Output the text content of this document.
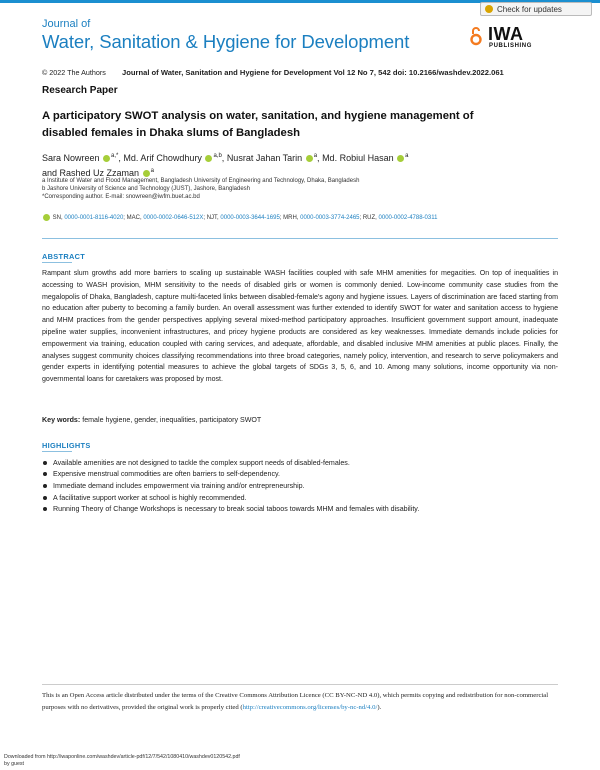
Journal of
Water, Sanitation & Hygiene for Development
Check for updates
IWA
PUBLISHING
© 2022 The Authors	Journal of Water, Sanitation and Hygiene for Development Vol 12 No 7, 542 doi: 10.2166/washdev.2022.061
Research Paper
A participatory SWOT analysis on water, sanitation, and hygiene management of disabled females in Dhaka slums of Bangladesh
Sara Nowreen $^{a,*}$, Md. Arif Chowdhury $^{a,b}$, Nusrat Jahan Tarin $^a$, Md. Robiul Hasan $^a$
and Rashed Uz Zzaman $^a$
a Institute of Water and Flood Management, Bangladesh University of Engineering and Technology, Dhaka, Bangladesh
b Jashore University of Science and Technology (JUST), Jashore, Bangladesh
*Corresponding author. E-mail: snowreen@iwfm.buet.ac.bd
SN, 0000-0001-8116-4020; MAC, 0000-0002-0646-512X; NJT, 0000-0003-3644-1695; MRH, 0000-0003-3774-2465; RUZ, 0000-0002-4788-0311
ABSTRACT
Rampant slum growths add more barriers to scaling up sustainable WASH facilities coupled with safe MHM amenities for megacities. On top of inequalities in accessing to WASH provision, MHM sensitivity to the needs of disabled girls or women is commonly denied. Low-income community case studies from the megalopolis of Dhaka, Bangladesh, capture multi-faceted links between disabled-female's agony and hygiene issues. Layers of discrimination are faced starting from no education after puberty to becoming a family burden. An overall assessment was further extended to identify SWOT for water and sanitation access to hygiene and MHM practices from the gender perspectives applying several mixed-method participatory approaches. Insufficient government support amount, inadequate pipeline water supplies, inconvenient infrastructures, and pricey hygiene products are considered as key weaknesses. Immediate demands include policies for empowerment via training, education coupled with caring services, and adequate, affordable, and disabled inclusive MHM amenities at public places. Finally, the analyses suggest community choices classifying recommendations into three broad categories, namely policy, intervention, and research to serve policymakers and gender experts in identifying potential measures to achieve the global targets of SDGs 3, 5, 6, and 10. Among many solutions, income opportunity via non-governmental loans for caretakers was proposed by most.
Key words: female hygiene, gender, inequalities, participatory SWOT
HIGHLIGHTS
Available amenities are not designed to tackle the complex support needs of disabled-females.
Expensive menstrual commodities are often barriers to self-dependency.
Immediate demand includes empowerment via training and/or entrepreneurship.
A facilitative support worker at school is highly recommended.
Running Theory of Change Workshops is necessary to break social taboos towards MHM and females with disability.
This is an Open Access article distributed under the terms of the Creative Commons Attribution Licence (CC BY-NC-ND 4.0), which permits copying and redistribution for non-commercial purposes with no derivatives, provided the original work is properly cited (http://creativecommons.org/licenses/by-nc-nd/4.0/).
Downloaded from http://iwaponline.com/washdev/article-pdf/12/7/542/1080410/washdev0120542.pdf
by guest
